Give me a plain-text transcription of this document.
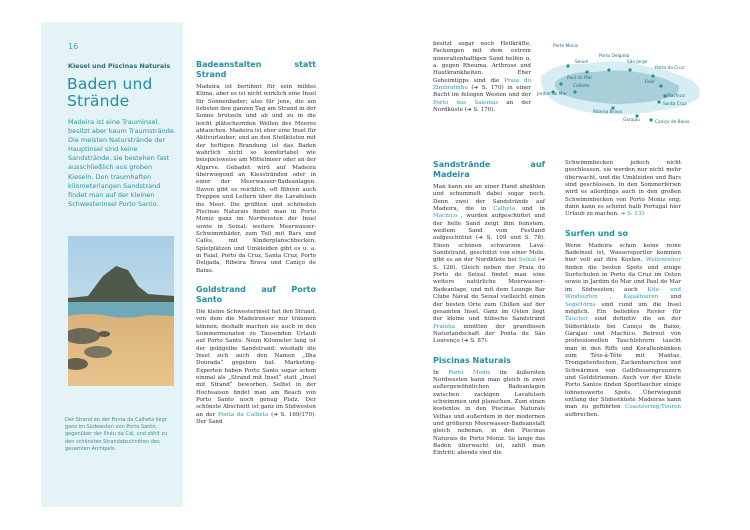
16
Kiesel und Piscinas Naturais
Baden und Strände
Madeira ist eine Trauminsel, besitzt aber kaum Traumstrände. Die meisten Naturstrände der Hauptinsel sind keine Sandstrände, sie bestehen fast ausschließlich aus groben Kieseln. Den traumhaften kilometerlangen Sandstrand findet man auf der kleinen Schwesterinsel Porto Santo.
Der Strand an der Ponta da Calheta liegt ganz im Südwesten von Porto Santo, gegenüber der Ilhéu da Cal, und zählt zu den schönsten Strandabschnitten des gesamten Archipels.
Badeanstalten statt Strand

Madeira ist berühmt für sein mildes Klima, aber es ist nicht wirklich eine Insel für Sonnenbader; also für jene, die am liebsten den ganzen Tag am Strand in der Sonne brutzeln und ab und zu in die leicht plätschernden Wellen des Meeres abtauchen. Madeira ist eher eine Insel für Aktivurlauber, und an den Steilküsten mit der heftigen Brandung ist das Baden wahrlich nicht so komfortabel wie beispielsweise am Mittelmeer oder an der Algarve. Gebadet wird auf Madeira überwiegend an Kiesstränden oder in einer der Meerwasser-Badeanlagen. Davon gibt es reichlich, oft führen auch Treppen und Leitern über die Lavafelsen ins Meer. Die größten und schönsten Piscinas Naturais findet man in Porto Moniz ganz im Nordwesten der Insel sowie in Seixal; weitere Meerwasser-Schwimmbäder, zum Teil mit Bars und Cafés, mit Kinderplanschbecken, Spielplätzen und Umkleiden gibt es u. a. in Faial, Porto da Cruz, Santa Cruz, Porto Delgada, Ribeira Brava und Caniço de Baixo.

Goldstrand auf Porto Santo

Die kleine Schwesterinsel hat den Strand, von dem die Madeirenser nur träumen können; deshalb machen sie auch in den Sommermonaten zu Tausenden Urlaub auf Porto Santo. Neun Kilometer lang ist der goldgelbe Sandstrand; weshalb die Insel sich auch den Namen „Ilha Dourada“ gegeben hat. Marketing-Experten haben Porto Santo sogar schon einmal als „Strand mit Insel“ statt „Insel mit Strand“ beworben. Selbst in der Hochsaison findet man am Beach von Porto Santo noch genug Platz. Der schönste Abschnitt ist ganz im Südwesten an der Ponta da Calheta (➔ S. 169/170). Der Sand

besitzt sogar noch Heilkräfte, Packungen mit dem extrem mineralienhaltigen Sand helfen u. a. gegen Rheuma, Arthrose und Hautkrankheiten. Eher Geheimtipps sind die Praia do Zimbralinho (➔ S. 170) in einer Bucht im felsigen Westen und der Porto das Salemas an der Nordküste (➔ S. 170).

Sandstrände auf Madeira

Man kann sie an einer Hand abzählen und schummelt dabei sogar noch. Denn zwei der Sandstrände auf Madeira, die in Calheta und in Machico , wurden aufgeschüttet und der helle Sand zeigt ihm feinstem, weißem Sand vom Festland aufgeschüttet (➔ S. 109 und S. 78). Einen schönen schwarzen Lava-Sandstrand, geschützt von einer Mole, gibt es an der Nordküste bei Seixal (➔ S. 128). Gleich neben der Praia do Porto do Seixal findet man eine weitere natürliche Meerwasser-Badeanlage, und mit dem Lounge Bar Clube Naval do Seixal vielleicht einen der besten Orte zum Chillen auf der gesamten Insel. Ganz im Osten liegt der kleine und hübsche Sandstrand Prainha inmitten der grandiosen Naturlandschaft der Ponta de São Lourenço (➔ S. 87).

Piscinas Naturais

In Porto Moniz im äußersten Nordwesten kann man gleich in zwei außergewöhnlichen Badeanlagen zwischen zackigen Lavafelsen schwimmen und planschen. Zum einen kostenlos in den Piscinas Naturais Velhas und außerdem in der modernen und größeren Meerwasser-Badeanstalt gleich nebenan, in den Piscinas Naturais de Porto Moniz. So lange das Baden überwacht ist, zahlt man Eintritt; abends sind die

Porto Moniz
Seixal
Porto Delgada
São Jorge
Porto da Cruz
Faial
Paul do Mar
Jardim do Mar
Calheta
Machico
Santa Cruz
Ribeira Brava
Garajau	Caniço de Baixo

Schwimmbecken jedoch nicht geschlossen, sie werden nur nicht mehr überwacht, und die Umkleiden und Bars sind geschlossen. In den Sommerferien wird es allerdings auch in den großen Schwimmbecken von Porto Moniz eng; dann kann es scheint halb Portugal hier Urlaub zu machen. ➔ S. 131

Surfen und so

Wenn Madeira schon keine reine Badeinsel ist, Wassersportler kommen hier voll auf ihre Kosten. Wellenreiter finden die besten Spots und einige Surfschulen in Porto da Cruz im Osten sowie in Jardim do Mar und Paul do Mar im Südwesten; auch Kite- und Windsurfen , Kajaktouren und Segeltörns sind rund um die Insel möglich. Ein beliebtes Revier für Taucher sind definitiv die an der Südostküste bei Caniço de Baixo, Garajau und Machico. Betreut von professionellen Tauchlehrern taucht man in den Riffs und Korallenbänken zum Tête-à-Tête mit Mantas, Trompetenfischen, Zackenbarschen und Schwärmen von Gelbflossengrunzern und Goldstriemen. Auch vor der Küste Porto Santos finden Sporttaucher einige lohnenswerte Spots. Überwiegend entlang der Südostküste Madeiras kann man zu geführten Coasteering-Touren aufbrechen.
